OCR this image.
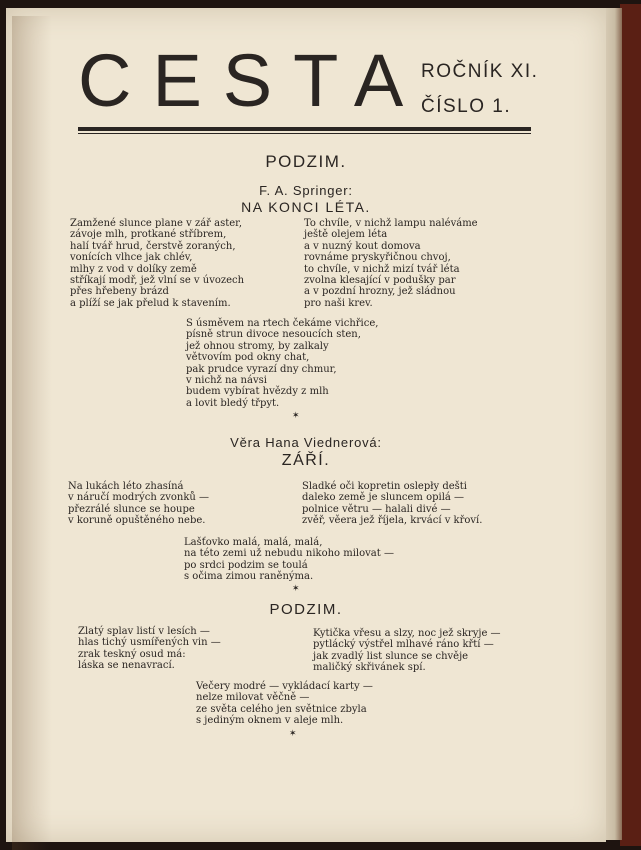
CESTA
ROČNÍK XI.
ČÍSLO 1.
PODZIM.
F. A. Springer:
NA KONCI LÉTA.
Zamžené slunce plane v zář aster,
závoje mlh, protkané stříbrem,
halí tvář hrud, čerstvě zoraných,
vonících vlhce jak chlév,
mlhy z vod v dolíky země
stříkají modř, jež vlní se v úvozech
přes hřebeny brázd
a plíží se jak přelud k stavením.
To chvíle, v nichž lampu naléváme
ještě olejem léta
a v nuzný kout domova
rovnáme pryskyřičnou chvoj,
to chvíle, v nichž mizí tvář léta
zvolna klesající v podušky par
a v pozdní hrozny, jež sládnou
pro naši krev.
S úsměvem na rtech čekáme vichřice,
písně strun divoce nesoucích sten,
jež ohnou stromy, by zalkaly
větvovím pod okny chat,
pak prudce vyrazí dny chmur,
v nichž na návsi
budem vybírat hvězdy z mlh
a lovit bledý třpyt.
✶
Věra Hana Viednerová:
ZÁŘÍ.
Na lukách léto zhasíná
v náručí modrých zvonků —
přezrálé slunce se houpe
v koruně opuštěného nebe.
Sladké oči kopretin oslepły dešti
daleko země je sluncem opilá —
polnice větru — halali divé —
zvěř, věera jež říjela, krvácí v křoví.
Lašťovko malá, malá, malá,
na této zemi už nebudu nikoho milovat —
po srdci podzim se toulá
s očima zimou raněnýma.
✶
PODZIM.
Zlatý splav listí v lesích —
hlas tichý usmířených vin —
zrak teskný osud má:
láska se nenavrací.
Kytička vřesu a slzy, noc jež skryje —
pytlácký výstřel mlhavé ráno křtí —
jak zvadlý list slunce se chvěje
maličký skřivánek spí.
Večery modré — vykládací karty —
nelze milovat věčně —
ze světa celého jen světnice zbyla
s jediným oknem v aleje mlh.
✶
